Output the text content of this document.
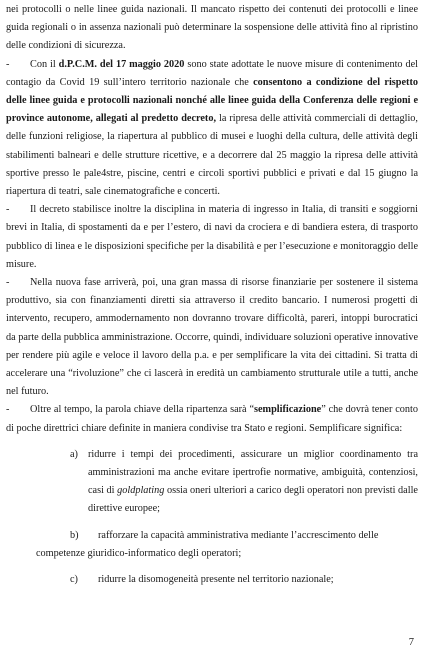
nei protocolli o nelle linee guida nazionali. Il mancato rispetto dei contenuti dei protocolli e linee guida regionali o in assenza nazionali può determinare la sospensione delle attività fino al ripristino delle condizioni di sicurezza.

- Con il d.P.C.M. del 17 maggio 2020 sono state adottate le nuove misure di contenimento del contagio da Covid 19 sull’intero territorio nazionale che consentono a condizione del rispetto delle linee guida e protocolli nazionali nonché alle linee guida della Conferenza delle regioni e province autonome, allegati al predetto decreto, la ripresa delle attività commerciali di dettaglio, delle funzioni religiose, la riapertura al pubblico di musei e luoghi della cultura, delle attività degli stabilimenti balneari e delle strutture ricettive, e a decorrere dal 25 maggio la ripresa delle attività sportive presso le pale4stre, piscine, centri e circoli sportivi pubblici e privati e dal 15 giugno la riapertura di teatri, sale cinematografiche e concerti.

- Il decreto stabilisce inoltre la disciplina in materia di ingresso in Italia, di transiti e soggiorni brevi in Italia, di spostamenti da e per l’estero, di navi da crociera e di bandiera estera, di trasporto pubblico di linea e le disposizioni specifiche per la disabilità e per l’esecuzione e monitoraggio delle misure.

- Nella nuova fase arriverà, poi, una gran massa di risorse finanziarie per sostenere il sistema produttivo, sia con finanziamenti diretti sia attraverso il credito bancario. I numerosi progetti di intervento, recupero, ammodernamento non dovranno trovare difficoltà, pareri, intoppi burocratici da parte della pubblica amministrazione. Occorre, quindi, individuare soluzioni operative innovative per rendere più agile e veloce il lavoro della p.a. e per semplificare la vita dei cittadini. Si tratta di accelerare una “rivoluzione” che ci lascerà in eredità un cambiamento strutturale utile a tutti, anche nel futuro.

- Oltre al tempo, la parola chiave della ripartenza sarà “semplificazione” che dovrà tener conto di poche direttrici chiare definite in maniera condivise tra Stato e regioni. Semplificare significa:

a) ridurre i tempi dei procedimenti, assicurare un miglior coordinamento tra amministrazioni ma anche evitare ipertrofie normative, ambiguità, contenziosi, casi di goldplating ossia oneri ulteriori a carico degli operatori non previsti dalle direttive europee;

b)	rafforzare la capacità amministrativa mediante l’accrescimento delle

competenze giuridico-informatico degli operatori;

c)	ridurre la disomogeneità presente nel territorio nazionale;

7
